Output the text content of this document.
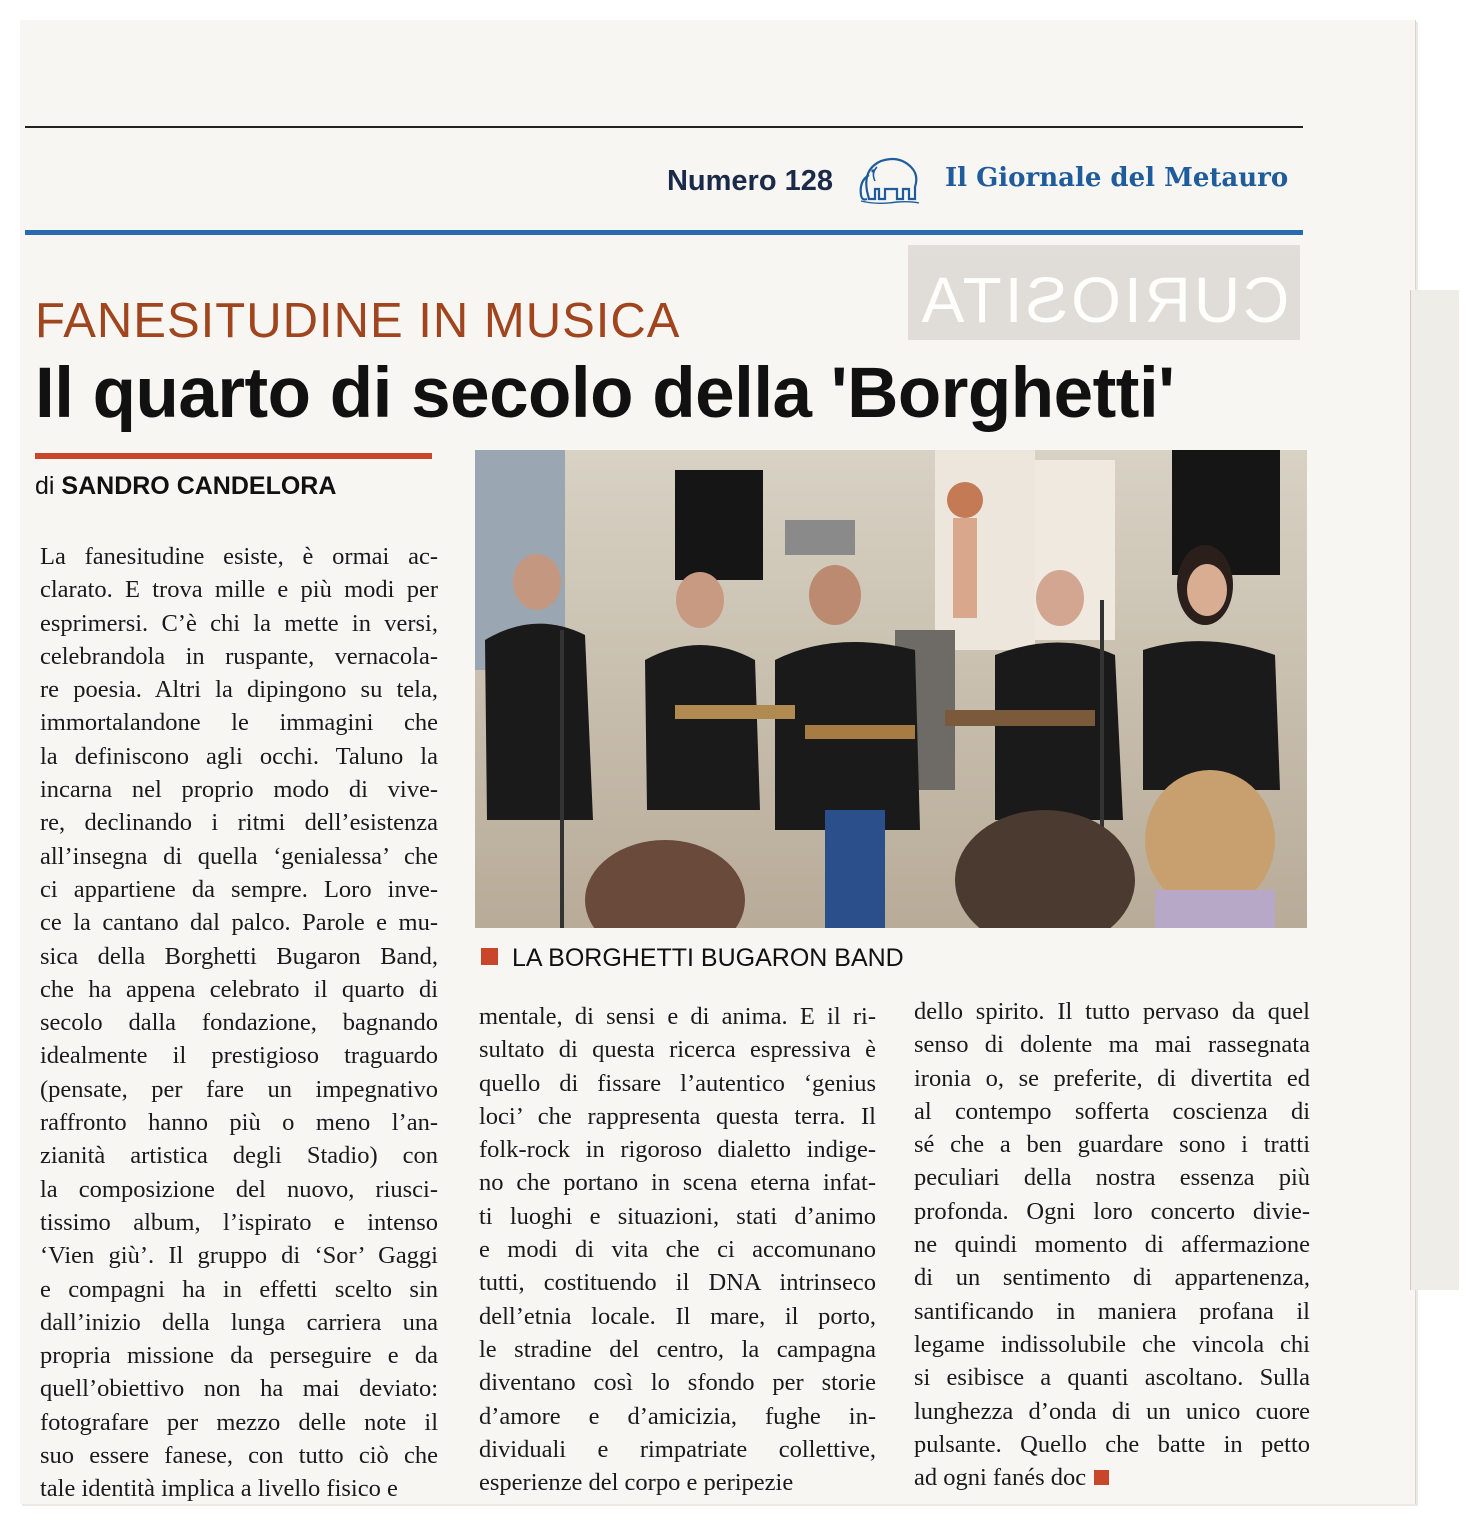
Numero 128	Il Giornale del Metauro
CURIOSITA
FANESITUDINE IN MUSICA
Il quarto di secolo della 'Borghetti'
di SANDRO CANDELORA
LA BORGHETTI BUGARON BAND

La fanesitudine esiste, è ormai ac-

clarato. E trova mille e più modi per

esprimersi. C’è chi la mette in versi,

celebrandola in ruspante, vernacola-

re poesia. Altri la dipingono su tela,

immortalandone le immagini che

la definiscono agli occhi. Taluno la

incarna nel proprio modo di vive-

re, declinando i ritmi dell’esistenza

all’insegna di quella ‘genialessa’ che

ci appartiene da sempre. Loro inve-

ce la cantano dal palco. Parole e mu-

sica della Borghetti Bugaron Band,

che ha appena celebrato il quarto di

secolo dalla fondazione, bagnando

idealmente il prestigioso traguardo

(pensate, per fare un impegnativo

raffronto hanno più o meno l’an-

zianità artistica degli Stadio) con

la composizione del nuovo, riusci-

tissimo album, l’ispirato e intenso

‘Vien giù’. Il gruppo di ‘Sor’ Gaggi

e compagni ha in effetti scelto sin

dall’inizio della lunga carriera una

propria missione da perseguire e da

quell’obiettivo non ha mai deviato:

fotografare per mezzo delle note il

suo essere fanese, con tutto ciò che

tale identità implica a livello fisico e

mentale, di sensi e di anima. E il ri-

sultato di questa ricerca espressiva è

quello di fissare l’autentico ‘genius

loci’ che rappresenta questa terra. Il

folk-rock in rigoroso dialetto indige-

no che portano in scena eterna infat-

ti luoghi e situazioni, stati d’animo

e modi di vita che ci accomunano

tutti, costituendo il DNA intrinseco

dell’etnia locale. Il mare, il porto,

le stradine del centro, la campagna

diventano così lo sfondo per storie

d’amore e d’amicizia, fughe in-

dividuali e rimpatriate collettive,

esperienze del corpo e peripezie

dello spirito. Il tutto pervaso da quel

senso di dolente ma mai rassegnata

ironia o, se preferite, di divertita ed

al contempo sofferta coscienza di

sé che a ben guardare sono i tratti

peculiari della nostra essenza più

profonda. Ogni loro concerto divie-

ne quindi momento di affermazione

di un sentimento di appartenenza,

santificando in maniera profana il

legame indissolubile che vincola chi

si esibisce a quanti ascoltano. Sulla

lunghezza d’onda di un unico cuore

pulsante. Quello che batte in petto

ad ogni fanés doc
